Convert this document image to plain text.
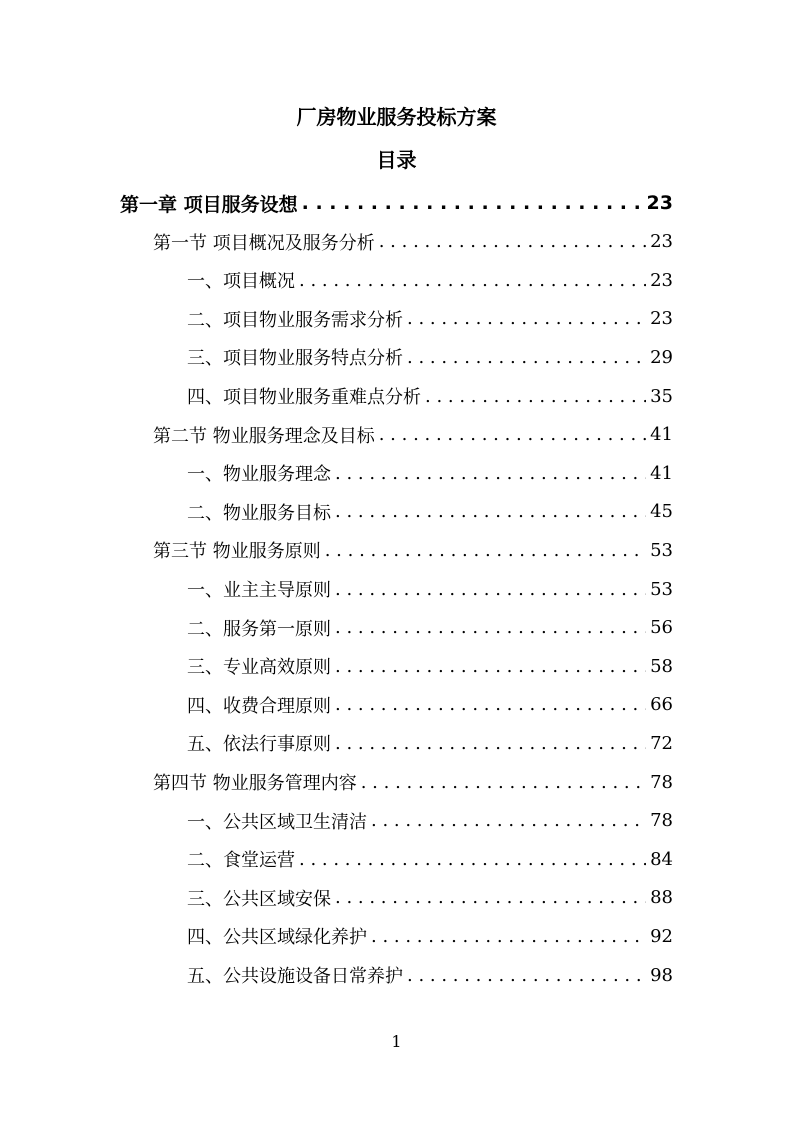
厂房物业服务投标方案
目录
第一章 项目服务设想 . . .	23
第一节 项目概况及服务分析 . . .	23
一、项目概况 . . .	23
二、项目物业服务需求分析 . . .	23
三、项目物业服务特点分析 . . .	29
四、项目物业服务重难点分析 . . .	35
第二节 物业服务理念及目标 . . .	41
一、物业服务理念 . . .	41
二、物业服务目标 . . .	45
第三节 物业服务原则 . . .	53
一、业主主导原则 . . .	53
二、服务第一原则 . . .	56
三、专业高效原则 . . .	58
四、收费合理原则 . . .	66
五、依法行事原则 . . .	72
第四节 物业服务管理内容 . . .	78
一、公共区域卫生清洁 . . .	78
二、食堂运营 . . .	84
三、公共区域安保 . . .	88
四、公共区域绿化养护 . . .	92
五、公共设施设备日常养护 . . .	98
1
